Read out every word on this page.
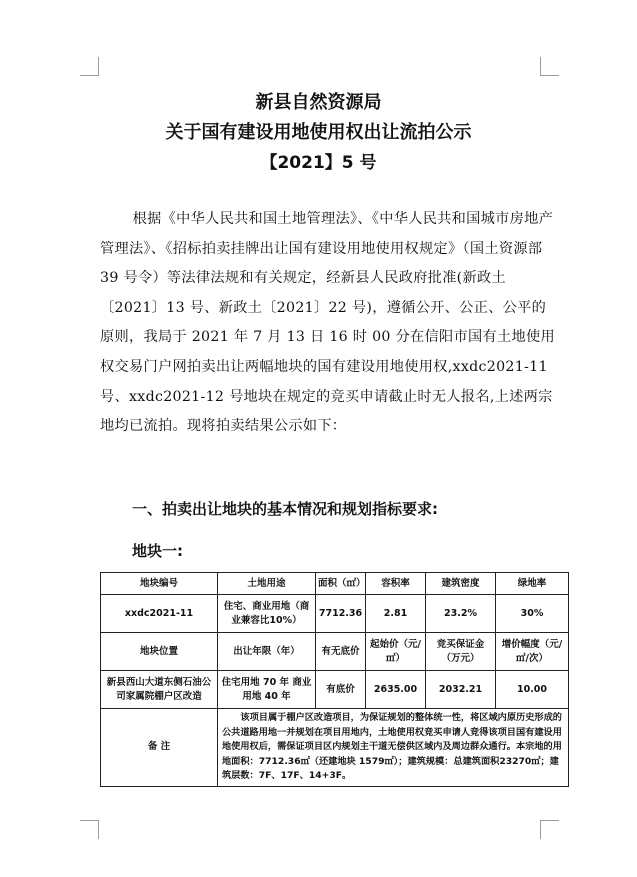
新县自然资源局
关于国有建设用地使用权出让流拍公示
【2021】5 号
根据《中华人民共和国土地管理法》、《中华人民共和国城市房地产管理法》、《招标拍卖挂牌出让国有建设用地使用权规定》（国土资源部 39 号令）等法律法规和有关规定，经新县人民政府批准(新政土〔2021〕13 号、新政土〔2021〕22 号)，遵循公开、公正、公平的原则，我局于 2021 年 7 月 13 日 16 时 00 分在信阳市国有土地使用权交易门户网拍卖出让两幅地块的国有建设用地使用权,xxdc2021-11 号、xxdc2021-12 号地块在规定的竞买申请截止时无人报名,上述两宗地均已流拍。现将拍卖结果公示如下：
一、拍卖出让地块的基本情况和规划指标要求:
地块一:
地块编号	土地用途	面积（㎡）	容积率	建筑密度	绿地率
xxdc2021-11	住宅、商业用地（商业兼容比10%）	7712.36	2.81	23.2%	30%
地块位置	出让年限（年）	有无底价	起始价（元/㎡）	竞买保证金（万元）	增价幅度（元/㎡/次）
新县西山大道东侧石油公司家属院棚户区改造	住宅用地 70 年 商业用地 40 年	有底价	2635.00	2032.21	10.00
备 注	该项目属于棚户区改造项目，为保证规划的整体统一性，将区域内原历史形成的公共道路用地一并规划在项目用地内，土地使用权竞买申请人竞得该项目国有建设用地使用权后，需保证项目区内规划主干道无偿供区域内及周边群众通行。本宗地的用地面积：7712.36㎡（还建地块 1579㎡）；建筑规模：总建筑面积23270㎡；建筑层数：7F、17F、14+3F。				
